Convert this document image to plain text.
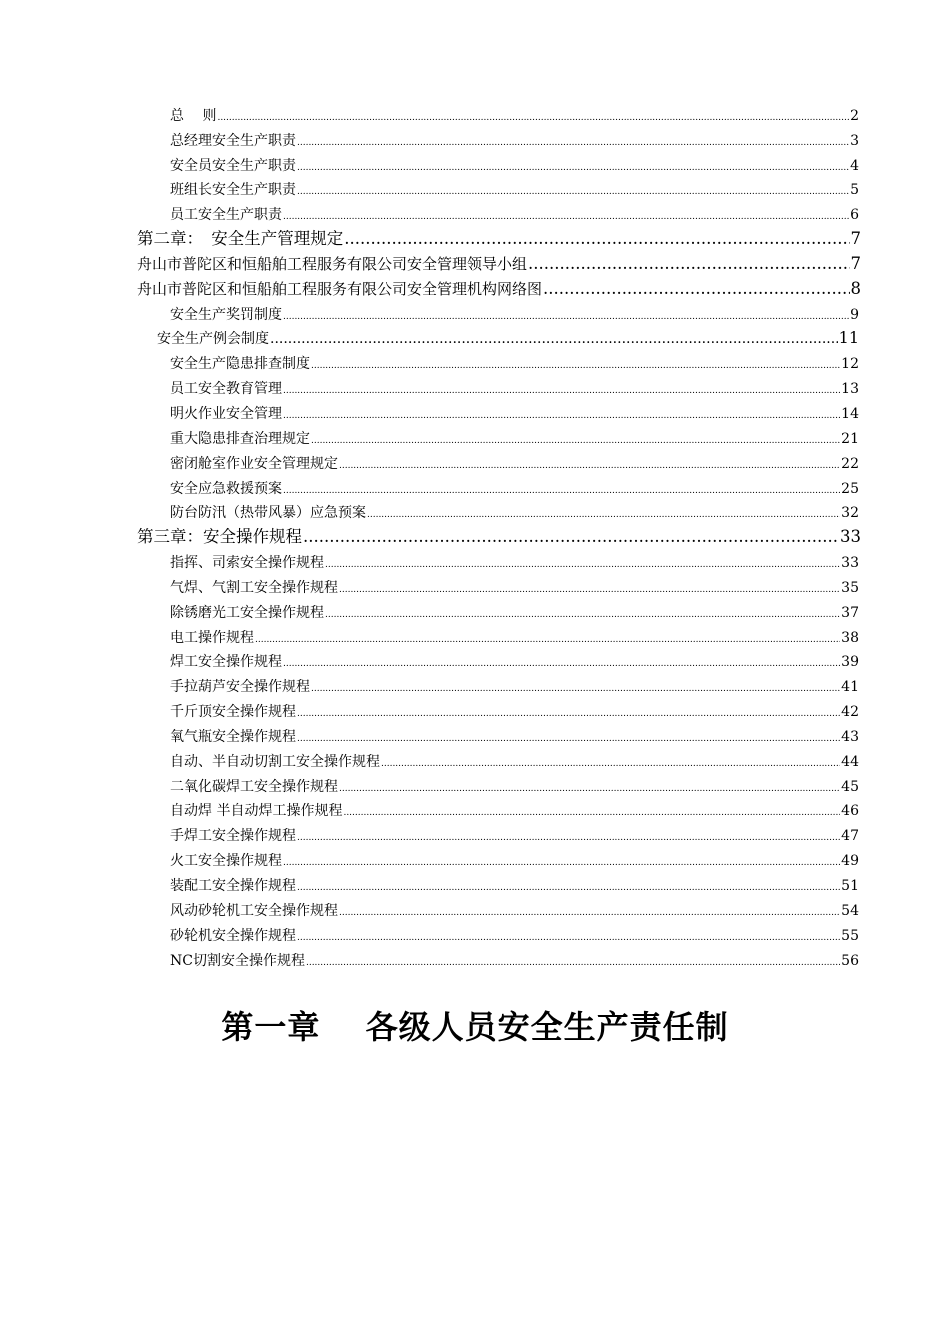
总　 则 .....	2
总经理安全生产职责 .....	3
安全员安全生产职责 .....	4
班组长安全生产职责 .....	5
员工安全生产职责 .....	6
第二章：　安全生产管理规定 .....	7
舟山市普陀区和恒船舶工程服务有限公司安全管理领导小组 .....	7
舟山市普陀区和恒船舶工程服务有限公司安全管理机构网络图 .....	8
安全生产奖罚制度 .....	9
安全生产例会制度 .....	11
安全生产隐患排查制度 .....	12
员工安全教育管理 .....	13
明火作业安全管理 .....	14
重大隐患排查治理规定 .....	21
密闭舱室作业安全管理规定 .....	22
安全应急救援预案 .....	25
防台防汛（热带风暴）应急预案 .....	32
第三章：安全操作规程 .....	33
指挥、司索安全操作规程 .....	33
气焊、气割工安全操作规程 .....	35
除锈磨光工安全操作规程 .....	37
电工操作规程 .....	38
焊工安全操作规程 .....	39
手拉葫芦安全操作规程 .....	41
千斤顶安全操作规程 .....	42
氧气瓶安全操作规程 .....	43
自动、半自动切割工安全操作规程 .....	44
二氧化碳焊工安全操作规程 .....	45
自动焊 半自动焊工操作规程 .....	46
手焊工安全操作规程 .....	47
火工安全操作规程 .....	49
装配工安全操作规程 .....	51
风动砂轮机工安全操作规程 .....	54
砂轮机安全操作规程 .....	55
NC切割安全操作规程 .....	56
第一章　 各级人员安全生产责任制
